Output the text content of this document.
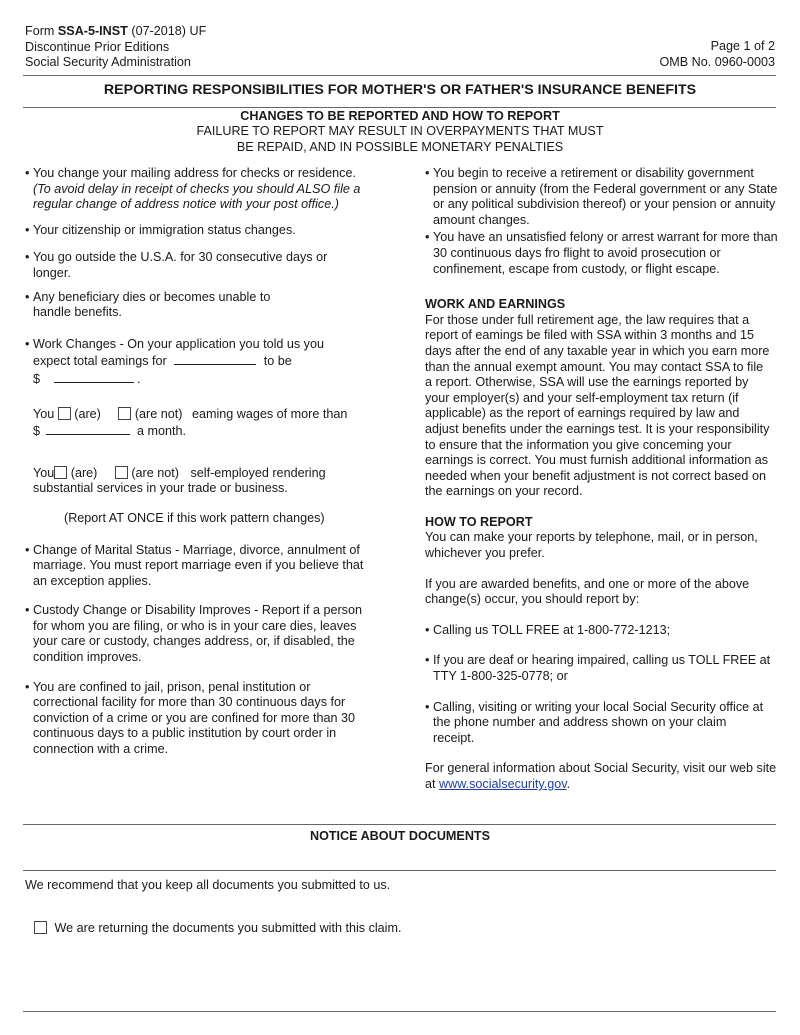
Form SSA-5-INST (07-2018) UF
Discontinue Prior Editions
Social Security Administration
Page 1 of 2
OMB No. 0960-0003
REPORTING RESPONSIBILITIES FOR MOTHER'S OR FATHER'S INSURANCE BENEFITS
CHANGES TO BE REPORTED AND HOW TO REPORT
FAILURE TO REPORT MAY RESULT IN OVERPAYMENTS THAT MUST
BE REPAID, AND IN POSSIBLE MONETARY PENALTIES
• You change your mailing address for checks or residence.
(To avoid delay in receipt of checks you should ALSO file a regular change of address notice with your post office.)
• Your citizenship or immigration status changes.
• You go outside the U.S.A. for 30 consecutive days or longer.
• Any beneficiary dies or becomes unable to handle benefits.
• Work Changes - On your application you told us you expect total eamings for	to be
$	.
You (are)	(are not) eaming wages of more than
$	a month.
You (are)	(are not) self-employed rendering
substantial services in your trade or business.
(Report AT ONCE if this work pattern changes)
• Change of Marital Status - Marriage, divorce, annulment of marriage. You must report marriage even if you believe that an exception applies.
• Custody Change or Disability Improves - Report if a person for whom you are filing, or who is in your care dies, leaves your care or custody, changes address, or, if disabled, the condition improves.
• You are confined to jail, prison, penal institution or correctional facility for more than 30 continuous days for conviction of a crime or you are confined for more than 30 continuous days to a public institution by court order in connection with a crime.
• You begin to receive a retirement or disability government pension or annuity (from the Federal government or any State or any political subdivision thereof) or your pension or annuity amount changes.
• You have an unsatisfied felony or arrest warrant for more than 30 continuous days fro flight to avoid prosecution or confinement, escape from custody, or flight escape.
WORK AND EARNINGS
For those under full retirement age, the law requires that a report of eamings be filed with SSA within 3 months and 15 days after the end of any taxable year in which you earn more than the annual exempt amount. You may contact SSA to file a report. Otherwise, SSA will use the earnings reported by your employer(s) and your self-employment tax return (if applicable) as the report of earnings required by law and adjust benefits under the earnings test. It is your responsibility to ensure that the information you give conceming your earnings is correct. You must furnish additional information as needed when your benefit adjustment is not correct based on the earnings on your record.
HOW TO REPORT
You can make your reports by telephone, mail, or in person, whichever you prefer.
If you are awarded benefits, and one or more of the above change(s) occur, you should report by:
• Calling us TOLL FREE at 1-800-772-1213;
• If you are deaf or hearing impaired, calling us TOLL FREE at TTY 1-800-325-0778; or
• Calling, visiting or writing your local Social Security office at the phone number and address shown on your claim receipt.
For general information about Social Security, visit our web site at www.socialsecurity.gov.
NOTICE ABOUT DOCUMENTS
We recommend that you keep all documents you submitted to us.
We are returning the documents you submitted with this claim.
